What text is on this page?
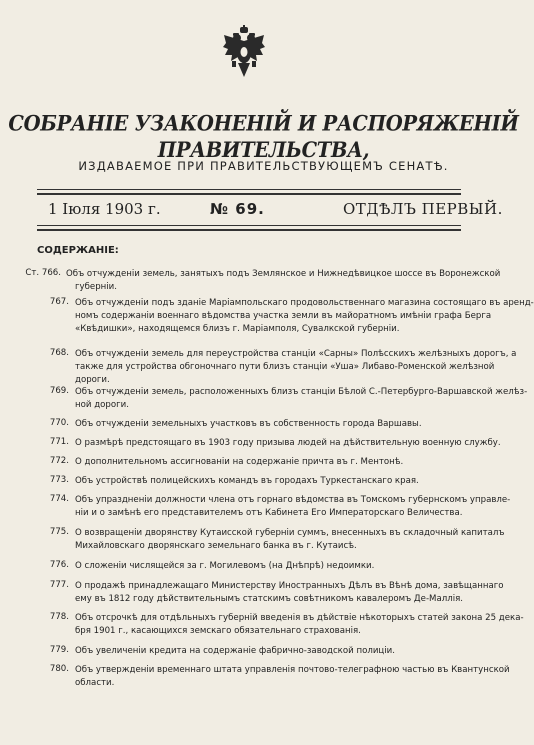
СОБРАНІЕ УЗАКОНЕНІЙ И РАСПОРЯЖЕНІЙ ПРАВИТЕЛЬСТВА,
ИЗДАВАЕМОЕ ПРИ ПРАВИТЕЛЬСТВУЮЩЕМЪ СЕНАТѢ.
1 Іюля 1903 г.	№ 69.	ОТДѢЛЪ ПЕРВЫЙ.
СОДЕРЖАНІЕ:
Ст. 766. Объ отчужденіи земель, занятыхъ подъ Землянское и Нижнедѣвицкое шоссе въ Воронежской
губерніи.
767. Объ отчужденіи подъ зданіе Маріампольскаго продовольственнаго магазина состоящаго въ аренд-
номъ содержаніи военнаго вѣдомства участка земли въ майоратномъ имѣніи графа Берга
«Квѣдишки», находящемся близъ г. Маріамполя, Сувалкской губерніи.
768. Объ отчужденіи земель для переустройства станціи «Сарны» Полѣсскихъ желѣзныхъ дорогъ, а
также для устройства обгоночнаго пути близъ станціи «Уша» Либаво-Роменской желѣзной
дороги.
769. Объ отчужденіи земель, расположенныхъ близъ станціи Бѣлой С.-Петербурго-Варшавской желѣз-
ной дороги.
770. Объ отчужденіи земельныхъ участковъ въ собственность города Варшавы.
771. О размѣрѣ предстоящаго въ 1903 году призыва людей на дѣйствительную военную службу.
772. О дополнительномъ ассигнованіи на содержаніе причта въ г. Ментонѣ.
773. Объ устройствѣ полицейскихъ командъ въ городахъ Туркестанскаго края.
774. Объ упраздненіи должности члена отъ горнаго вѣдомства въ Томскомъ губернскомъ управле-
ніи и о замѣнѣ его представителемъ отъ Кабинета Его Императорскаго Величества.
775. О возвращеніи дворянству Кутаисской губерніи суммъ, внесенныхъ въ складочный капиталъ
Михайловскаго дворянскаго земельнаго банка въ г. Кутаисѣ.
776. О сложеніи числящейся за г. Могилевомъ (на Днѣпрѣ) недоимки.
777. О продажѣ принадлежащаго Министерству Иностранныхъ Дѣлъ въ Вѣнѣ дома, завѣщаннаго
ему въ 1812 году дѣйствительнымъ статскимъ совѣтникомъ кавалеромъ Де-Маллія.
778. Объ отсрочкѣ для отдѣльныхъ губерній введенія въ дѣйствіе нѣкоторыхъ статей закона 25 дека-
бря 1901 г., касающихся земскаго обязательнаго страхованія.
779. Объ увеличеніи кредита на содержаніе фабрично-заводской полиціи.
780. Объ утвержденіи временнаго штата управленія почтово-телеграфною частью въ Квантунской
области.
